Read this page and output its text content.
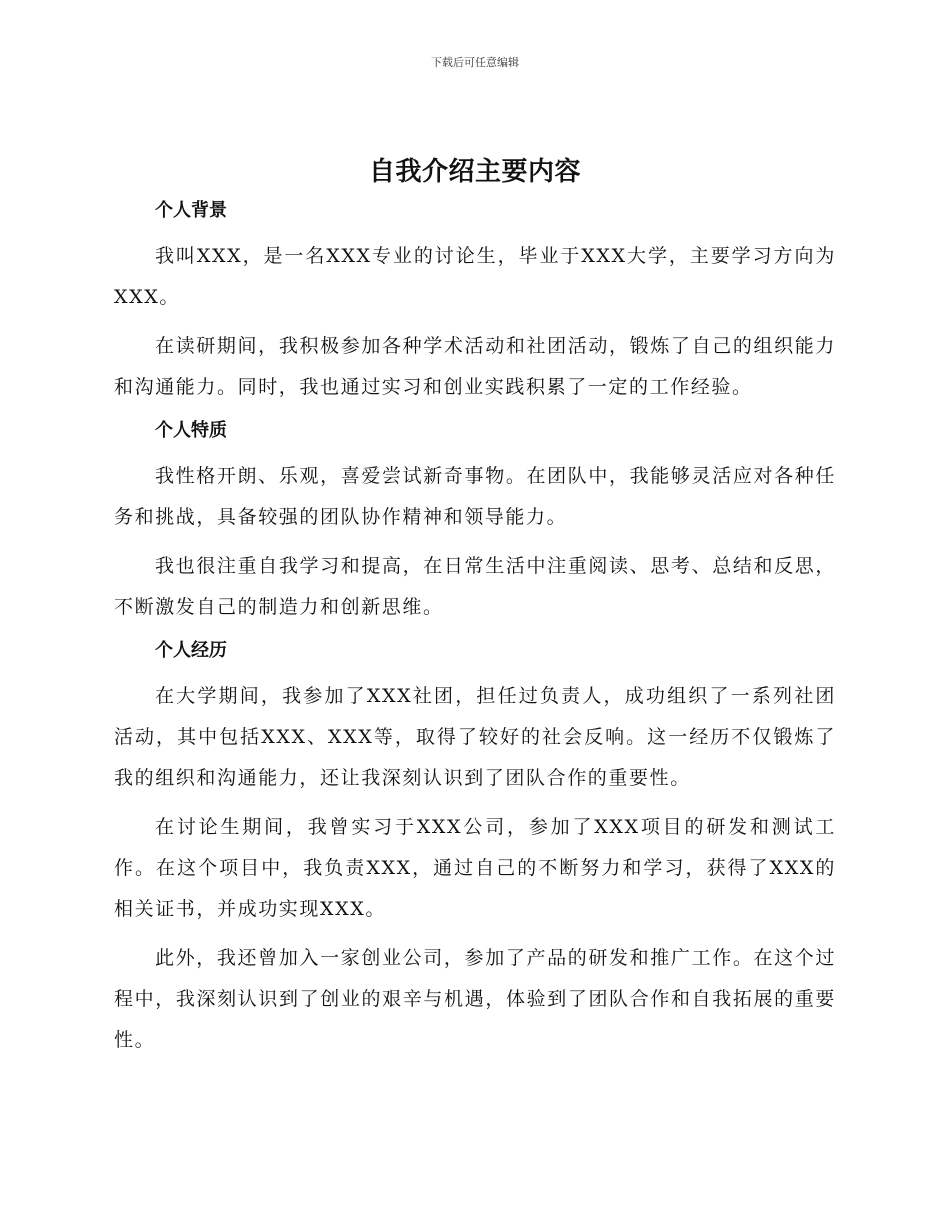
下载后可任意编辑
自我介绍主要内容
个人背景

我叫XXX，是一名XXX专业的讨论生，毕业于XXX大学，主要学习方向为XXX。

在读研期间，我积极参加各种学术活动和社团活动，锻炼了自己的组织能力和沟通能力。同时，我也通过实习和创业实践积累了一定的工作经验。

个人特质

我性格开朗、乐观，喜爱尝试新奇事物。在团队中，我能够灵活应对各种任务和挑战，具备较强的团队协作精神和领导能力。

我也很注重自我学习和提高，在日常生活中注重阅读、思考、总结和反思，不断激发自己的制造力和创新思维。

个人经历

在大学期间，我参加了XXX社团，担任过负责人，成功组织了一系列社团活动，其中包括XXX、XXX等，取得了较好的社会反响。这一经历不仅锻炼了我的组织和沟通能力，还让我深刻认识到了团队合作的重要性。

在讨论生期间，我曾实习于XXX公司，参加了XXX项目的研发和测试工作。在这个项目中，我负责XXX，通过自己的不断努力和学习，获得了XXX的相关证书，并成功实现XXX。

此外，我还曾加入一家创业公司，参加了产品的研发和推广工作。在这个过程中，我深刻认识到了创业的艰辛与机遇，体验到了团队合作和自我拓展的重要性。
